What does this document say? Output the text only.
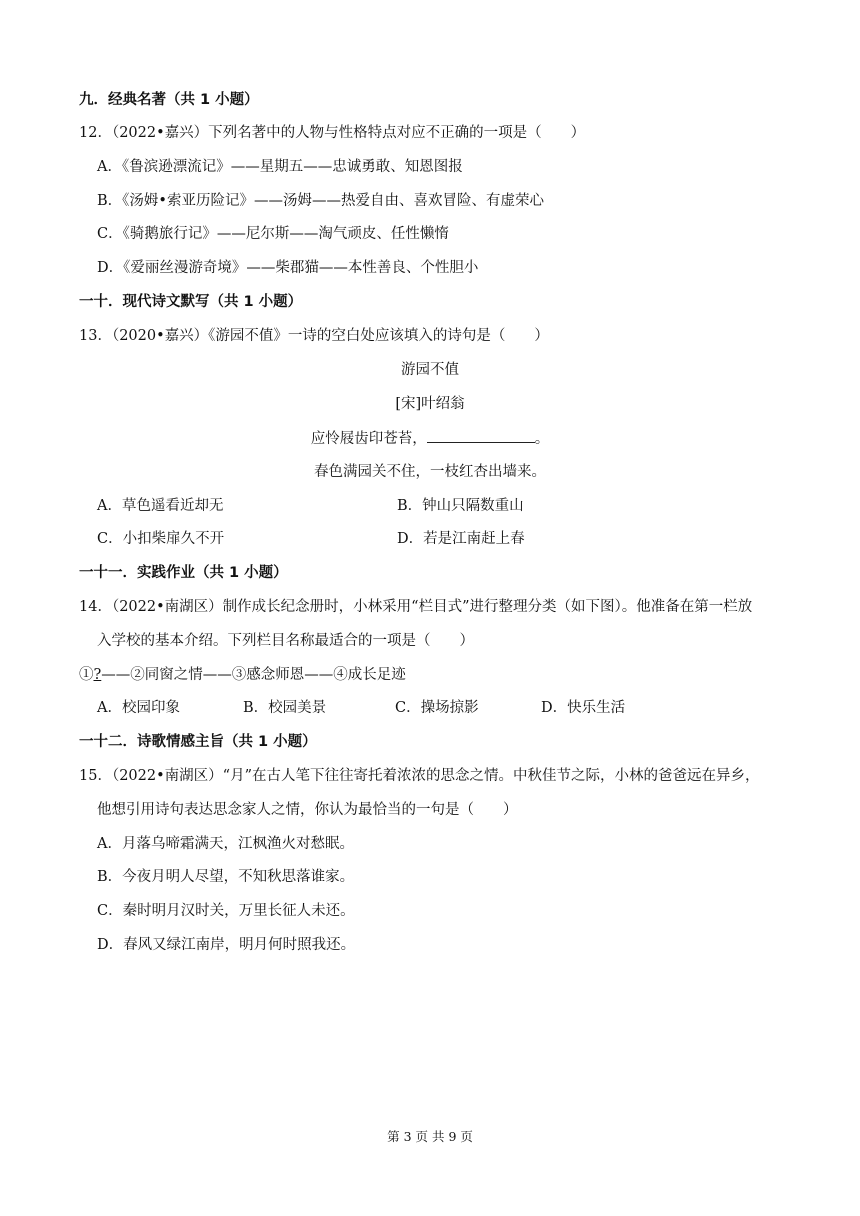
九．经典名著（共 1 小题）
12．（2022•嘉兴）下列名著中的人物与性格特点对应不正确的一项是（　　）
A．《鲁滨逊漂流记》——星期五——忠诚勇敢、知恩图报
B．《汤姆•索亚历险记》——汤姆——热爱自由、喜欢冒险、有虚荣心
C．《骑鹅旅行记》——尼尔斯——淘气顽皮、任性懒惰
D．《爱丽丝漫游奇境》——柴郡猫——本性善良、个性胆小
一十．现代诗文默写（共 1 小题）
13．（2020•嘉兴）《游园不值》一诗的空白处应该填入的诗句是（　　）
游园不值
[宋]叶绍翁
应怜屐齿印苍苔，	。
春色满园关不住，一枝红杏出墙来。
A．草色遥看近却无	B．钟山只隔数重山
C．小扣柴扉久不开	D．若是江南赶上春
一十一．实践作业（共 1 小题）
14．（2022•南湖区）制作成长纪念册时，小林采用“栏目式”进行整理分类（如下图）。他准备在第一栏放
入学校的基本介绍。下列栏目名称最适合的一项是（　　）
①?——②同窗之情——③感念师恩——④成长足迹
A．校园印象	B．校园美景	C．操场掠影	D．快乐生活
一十二．诗歌情感主旨（共 1 小题）
15．（2022•南湖区）“月”在古人笔下往往寄托着浓浓的思念之情。中秋佳节之际，小林的爸爸远在异乡，
他想引用诗句表达思念家人之情，你认为最恰当的一句是（　　）
A．月落乌啼霜满天，江枫渔火对愁眠。
B．今夜月明人尽望，不知秋思落谁家。
C．秦时明月汉时关，万里长征人未还。
D．春风又绿江南岸，明月何时照我还。
第 3 页 共 9 页
